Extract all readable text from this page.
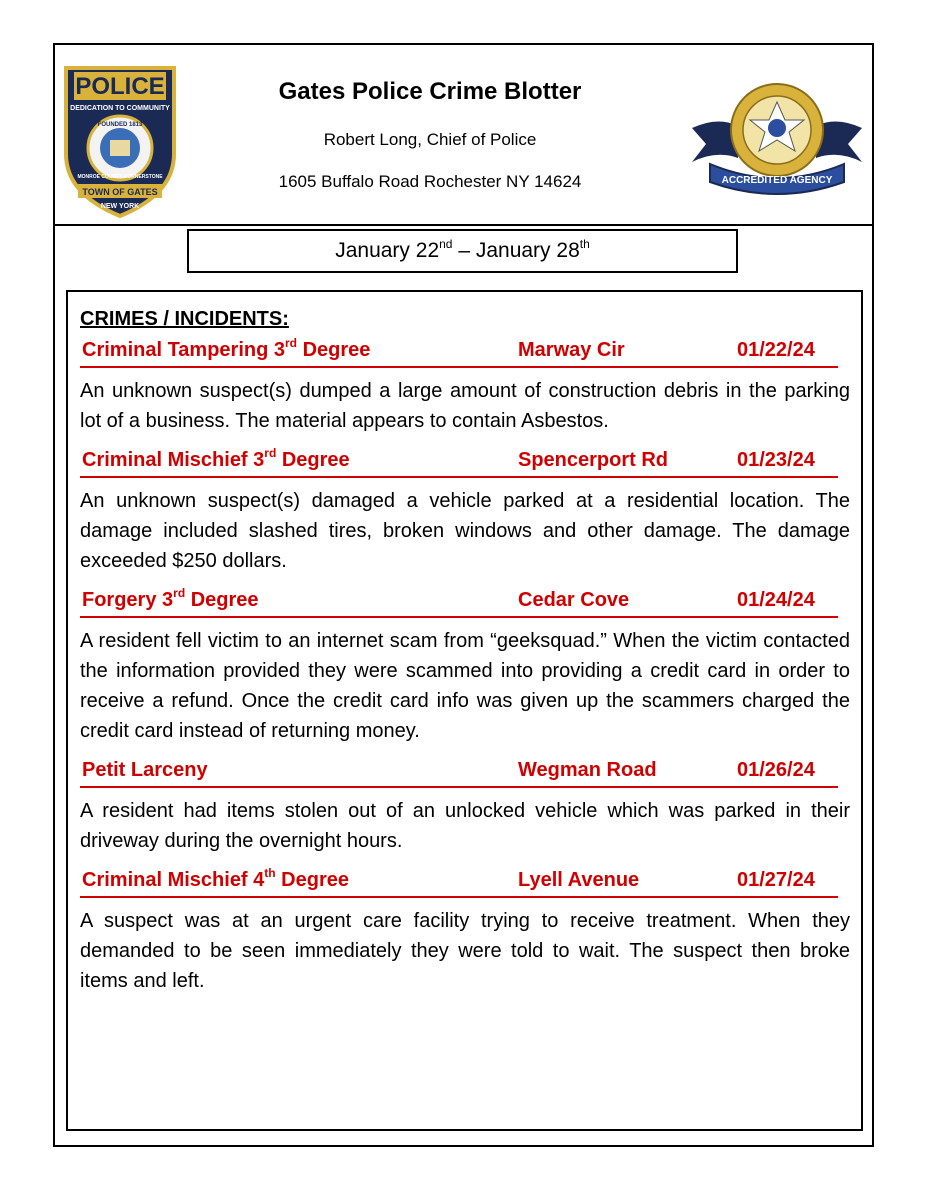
POLICE
DEDICATION TO COMMUNITY
FOUNDED 1813
MONROE COUNTY CORNERSTONE
TOWN OF GATES
NEW YORK
Gates Police Crime Blotter
Robert Long, Chief of Police
1605 Buffalo Road Rochester NY 14624	ACCREDITED AGENCY
January 22nd – January 28th
CRIMES / INCIDENTS:
Criminal Tampering 3rd Degree	Marway Cir	01/22/24
An unknown suspect(s) dumped a large amount of construction debris in the parking lot of a business. The material appears to contain Asbestos.
Criminal Mischief 3rd Degree	Spencerport Rd	01/23/24
An unknown suspect(s) damaged a vehicle parked at a residential location. The damage included slashed tires, broken windows and other damage. The damage exceeded $250 dollars.
Forgery 3rd Degree	Cedar Cove	01/24/24
A resident fell victim to an internet scam from “geeksquad.” When the victim contacted the information provided they were scammed into providing a credit card in order to receive a refund. Once the credit card info was given up the scammers charged the credit card instead of returning money.
Petit Larceny	Wegman Road	01/26/24
A resident had items stolen out of an unlocked vehicle which was parked in their driveway during the overnight hours.
Criminal Mischief 4th Degree	Lyell Avenue	01/27/24
A suspect was at an urgent care facility trying to receive treatment. When they demanded to be seen immediately they were told to wait. The suspect then broke items and left.
